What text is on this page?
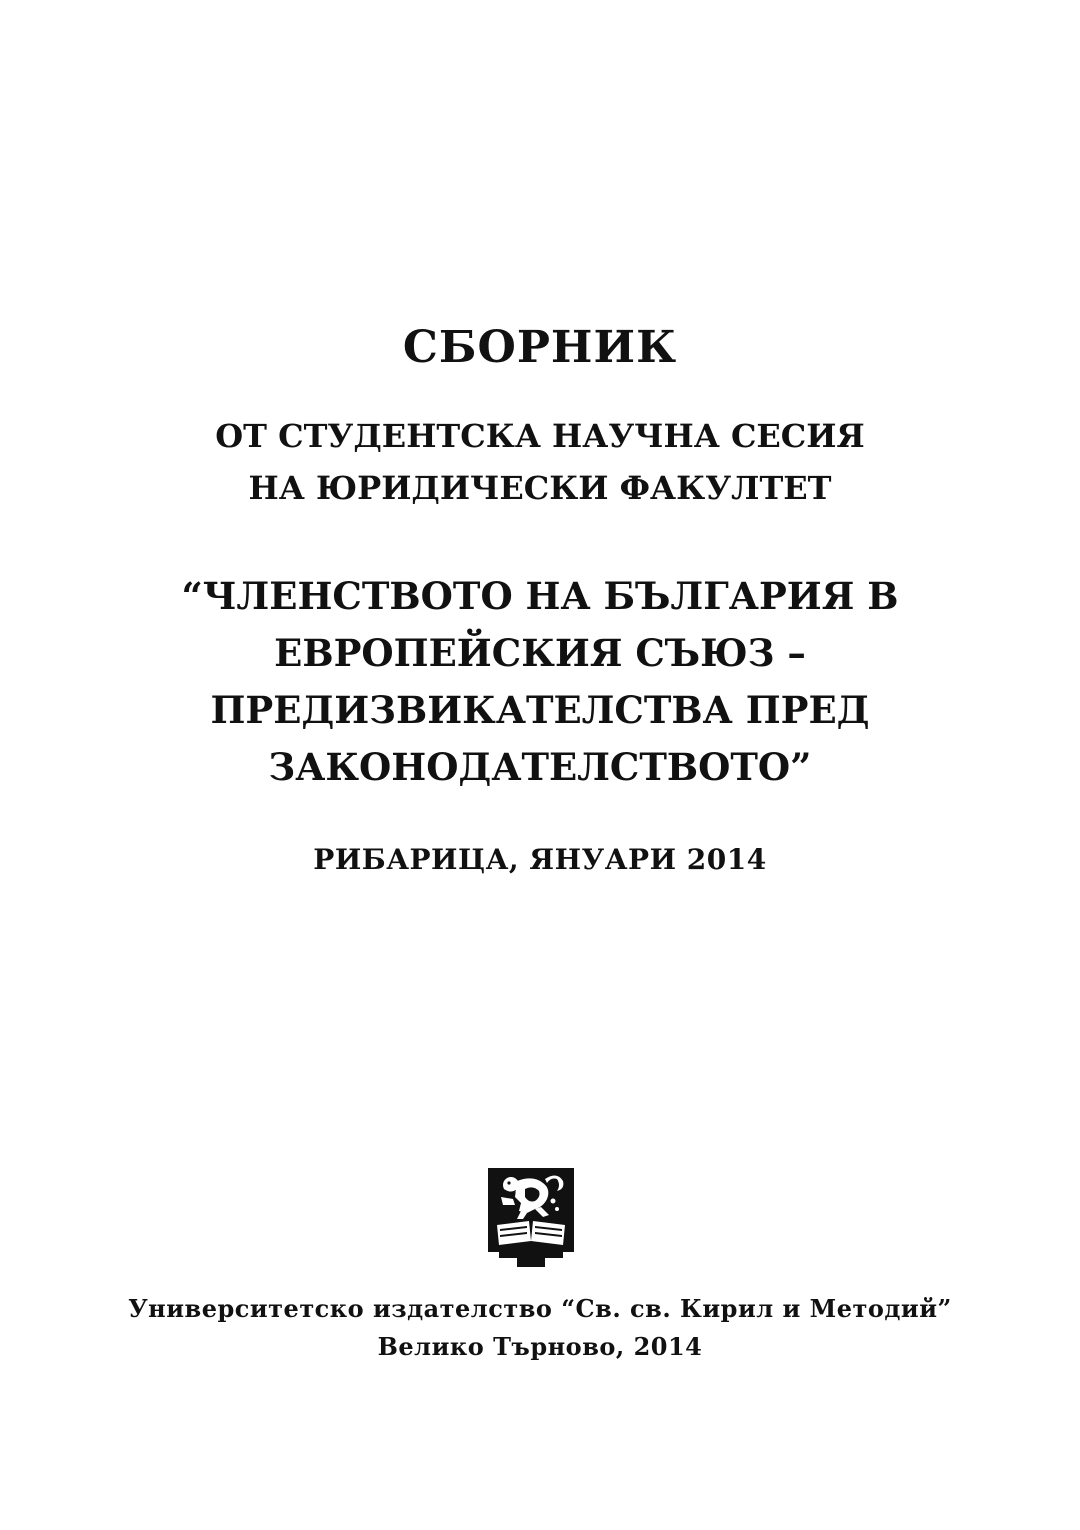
СБОРНИК
ОТ СТУДЕНТСКА НАУЧНА СЕСИЯ
НА ЮРИДИЧЕСКИ ФАКУЛТЕТ
“ЧЛЕНСТВОТО НА БЪЛГАРИЯ В
ЕВРОПЕЙСКИЯ СЪЮЗ –
ПРЕДИЗВИКАТЕЛСТВА ПРЕД
ЗАКОНОДАТЕЛСТВОТО”
РИБАРИЦА, ЯНУАРИ 2014
Университетско издателство “Св. св. Кирил и Методий”
Велико Търново, 2014
